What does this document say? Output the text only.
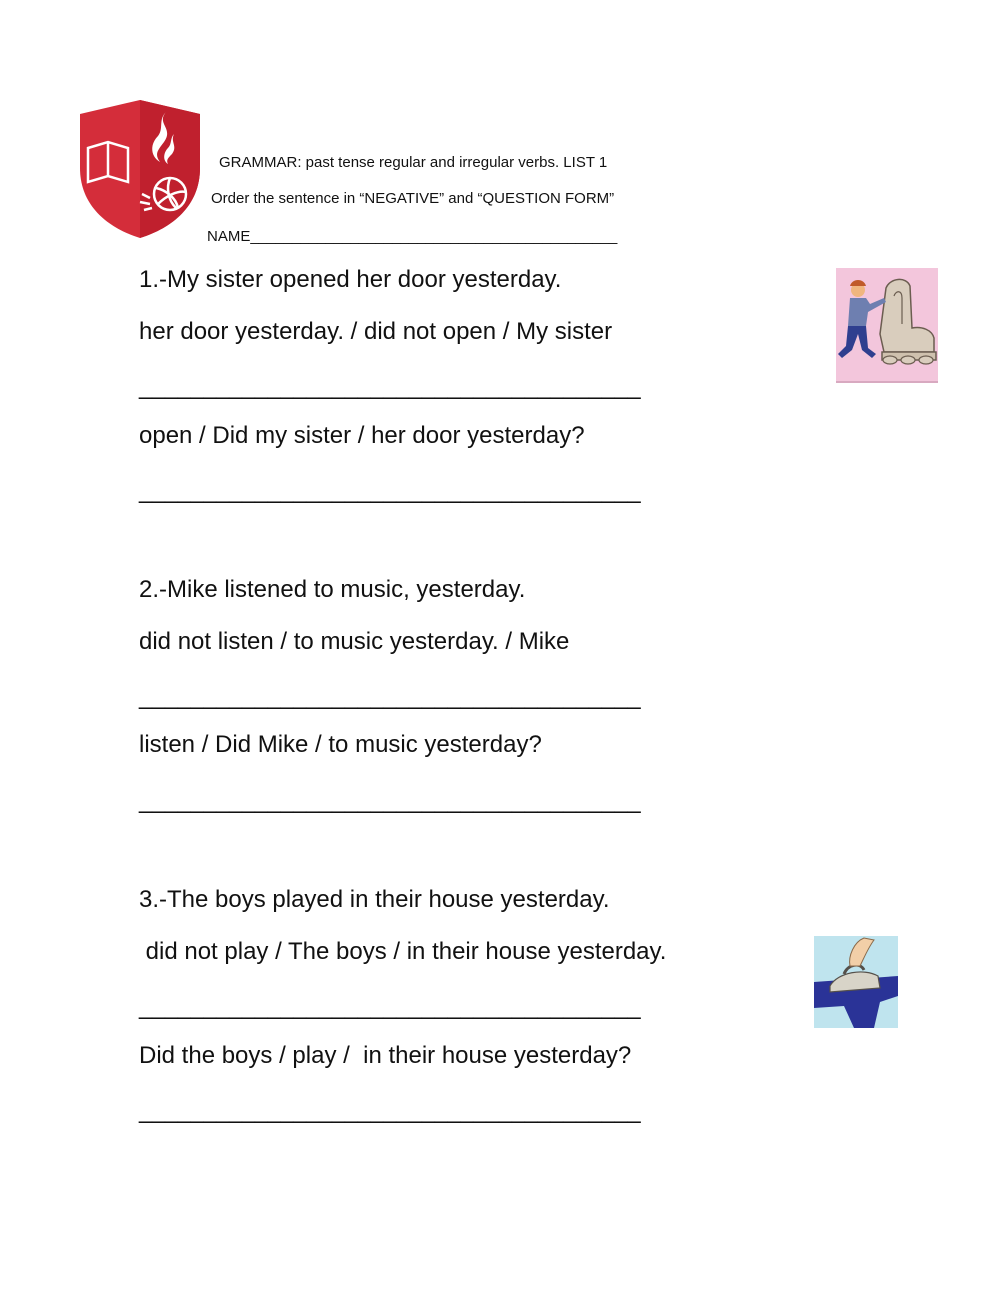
GRAMMAR: past tense regular and irregular verbs. LIST 1
Order the sentence in “NEGATIVE” and “QUESTION FORM”
NAME____________________________________________
1.-My sister opened her door yesterday.
her door yesterday. / did not open / My sister
_______________________________________
open / Did my sister / her door yesterday?
_______________________________________
2.-Mike listened to music, yesterday.
did not listen / to music yesterday. / Mike
_______________________________________
listen / Did Mike / to music yesterday?
_______________________________________
3.-The boys played in their house yesterday.
did not play / The boys / in their house yesterday.
_______________________________________
Did the boys / play /  in their house yesterday?
_______________________________________
